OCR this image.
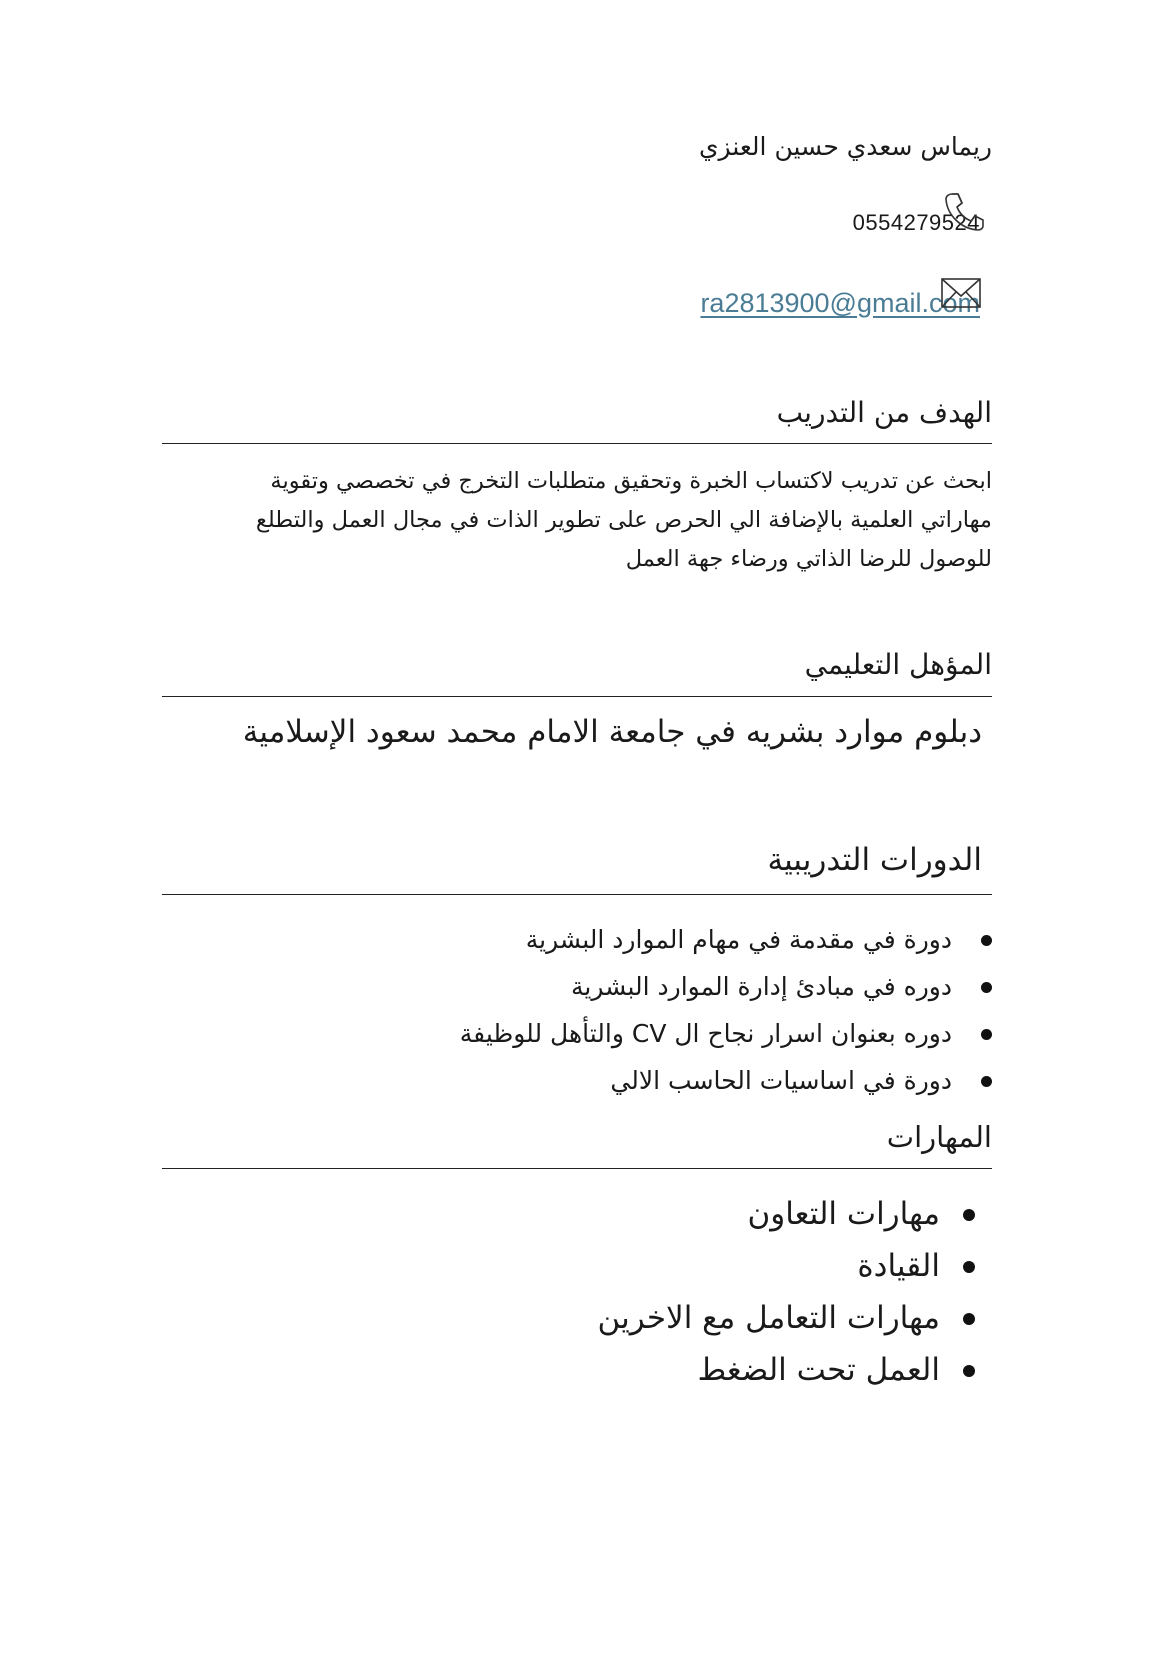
ريماس سعدي حسين العنزي
0554279524
ra2813900@gmail.com
الهدف من التدريب

ابحث عن تدريب لاكتساب الخبرة وتحقيق متطلبات التخرج في تخصصي وتقوية

مهاراتي العلمية بالإضافة الي الحرص على تطوير الذات في مجال العمل والتطلع

للوصول للرضا الذاتي ورضاء جهة العمل

المؤهل التعليمي
دبلوم موارد بشريه في جامعة الامام محمد سعود الإسلامية
الدورات التدريبية
دورة في مقدمة في مهام الموارد البشرية
دوره في مبادئ إدارة الموارد البشرية
دوره بعنوان اسرار نجاح ال CV والتأهل للوظيفة
دورة في اساسيات الحاسب الالي
المهارات
مهارات التعاون
القيادة
مهارات التعامل مع الاخرين
العمل تحت الضغط
